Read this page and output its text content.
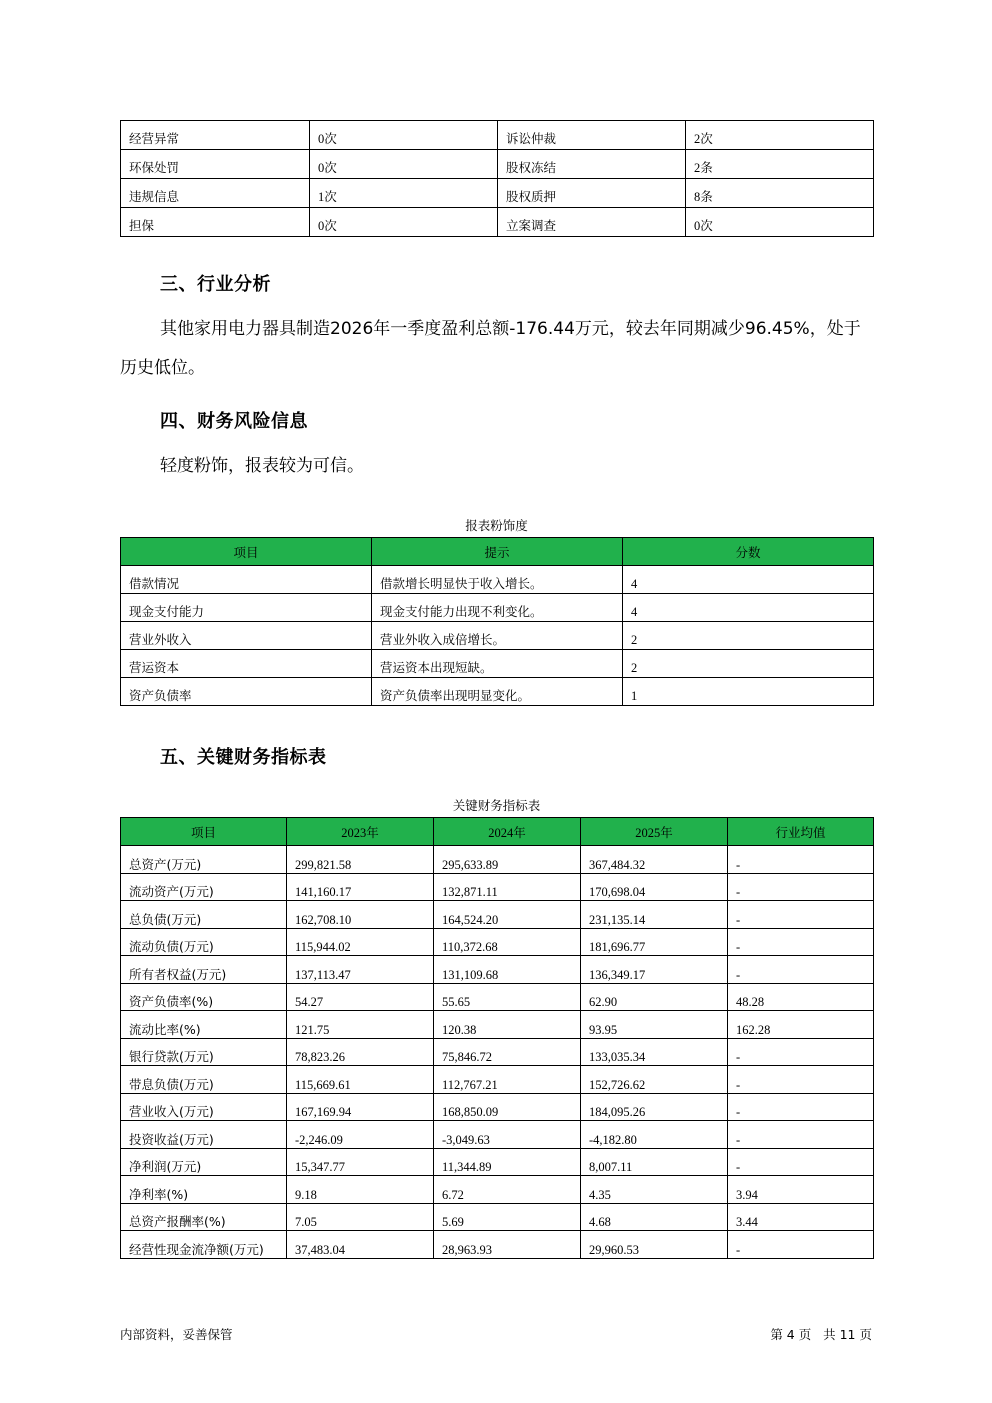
经营异常	0次	诉讼仲裁	2次
环保处罚	0次	股权冻结	2条
违规信息	1次	股权质押	8条
担保	0次	立案调查	0次
三、行业分析

其他家用电力器具制造2026年一季度盈利总额-176.44万元，较去年同期减少96.45%，处于

历史低位。

四、财务风险信息

轻度粉饰，报表较为可信。

报表粉饰度
项目	提示	分数
借款情况	借款增长明显快于收入增长。	4
现金支付能力	现金支付能力出现不利变化。	4
营业外收入	营业外收入成倍增长。	2
营运资本	营运资本出现短缺。	2
资产负债率	资产负债率出现明显变化。	1
五、关键财务指标表
关键财务指标表
项目	2023年	2024年	2025年	行业均值
总资产(万元)	299,821.58	295,633.89	367,484.32	-
流动资产(万元)	141,160.17	132,871.11	170,698.04	-
总负债(万元)	162,708.10	164,524.20	231,135.14	-
流动负债(万元)	115,944.02	110,372.68	181,696.77	-
所有者权益(万元)	137,113.47	131,109.68	136,349.17	-
资产负债率(%)	54.27	55.65	62.90	48.28
流动比率(%)	121.75	120.38	93.95	162.28
银行贷款(万元)	78,823.26	75,846.72	133,035.34	-
带息负债(万元)	115,669.61	112,767.21	152,726.62	-
营业收入(万元)	167,169.94	168,850.09	184,095.26	-
投资收益(万元)	-2,246.09	-3,049.63	-4,182.80	-
净利润(万元)	15,347.77	11,344.89	8,007.11	-
净利率(%)	9.18	6.72	4.35	3.94
总资产报酬率(%)	7.05	5.69	4.68	3.44
经营性现金流净额(万元)	37,483.04	28,963.93	29,960.53	-
内部资料，妥善保管	第 4 页   共 11 页
